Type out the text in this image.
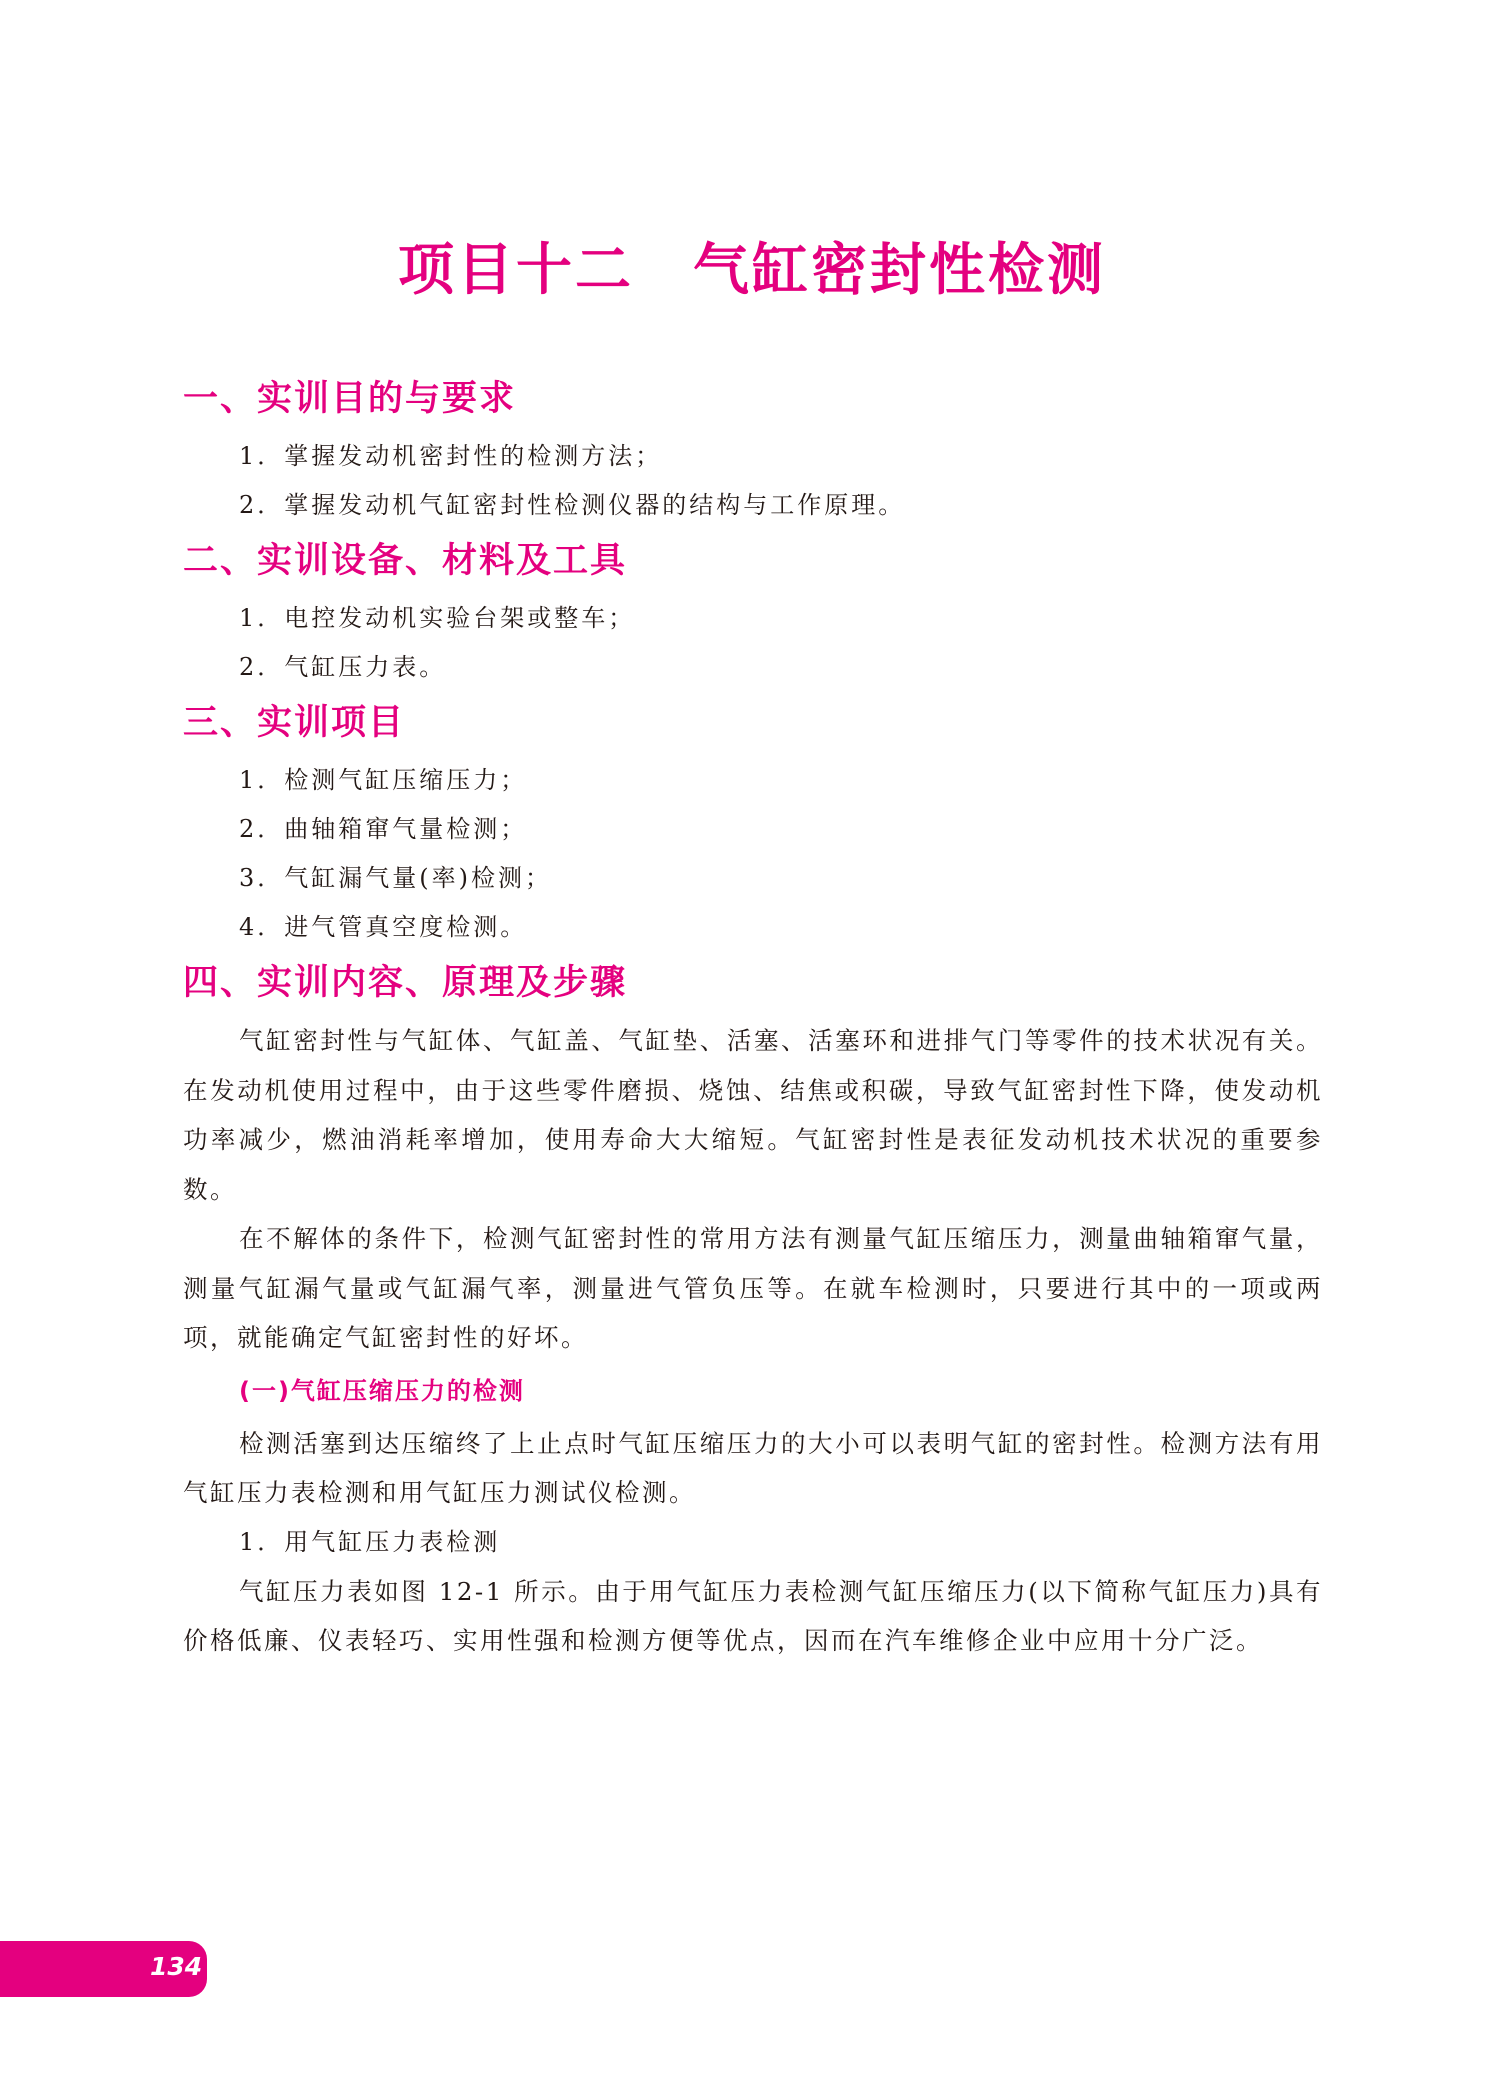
项目十二　气缸密封性检测
一、实训目的与要求
1．掌握发动机密封性的检测方法；
2．掌握发动机气缸密封性检测仪器的结构与工作原理。
二、实训设备、材料及工具
1．电控发动机实验台架或整车；
2．气缸压力表。
三、实训项目
1．检测气缸压缩压力；
2．曲轴箱窜气量检测；
3．气缸漏气量(率)检测；
4．进气管真空度检测。
四、实训内容、原理及步骤

气缸密封性与气缸体、气缸盖、气缸垫、活塞、活塞环和进排气门等零件的技术状况有关。在发动机使用过程中，由于这些零件磨损、烧蚀、结焦或积碳，导致气缸密封性下降，使发动机功率减少，燃油消耗率增加，使用寿命大大缩短。气缸密封性是表征发动机技术状况的重要参数。

在不解体的条件下，检测气缸密封性的常用方法有测量气缸压缩压力，测量曲轴箱窜气量，测量气缸漏气量或气缸漏气率，测量进气管负压等。在就车检测时，只要进行其中的一项或两项，就能确定气缸密封性的好坏。

(一)气缸压缩压力的检测

检测活塞到达压缩终了上止点时气缸压缩压力的大小可以表明气缸的密封性。检测方法有用气缸压力表检测和用气缸压力测试仪检测。

1．用气缸压力表检测

气缸压力表如图 12-1 所示。由于用气缸压力表检测气缸压缩压力(以下简称气缸压力)具有价格低廉、仪表轻巧、实用性强和检测方便等优点，因而在汽车维修企业中应用十分广泛。

134
